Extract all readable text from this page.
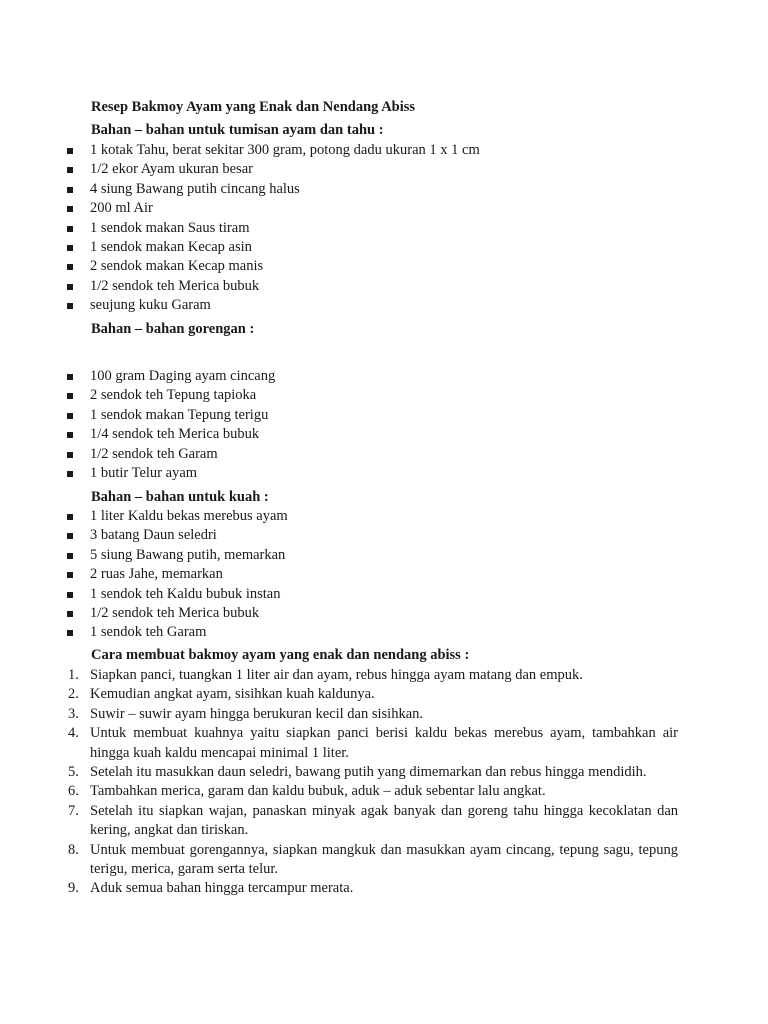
Resep Bakmoy Ayam yang Enak dan Nendang Abiss
Bahan – bahan untuk tumisan ayam dan tahu :
1 kotak Tahu, berat sekitar 300 gram, potong dadu ukuran 1 x 1 cm
1/2 ekor Ayam ukuran besar
4 siung Bawang putih cincang halus
200 ml Air
1 sendok makan Saus tiram
1 sendok makan Kecap asin
2 sendok makan Kecap manis
1/2 sendok teh Merica bubuk
seujung kuku Garam
Bahan – bahan gorengan :
100 gram Daging ayam cincang
2 sendok teh Tepung tapioka
1 sendok makan Tepung terigu
1/4 sendok teh Merica bubuk
1/2 sendok teh Garam
1 butir Telur ayam
Bahan – bahan untuk kuah :
1 liter Kaldu bekas merebus ayam
3 batang Daun seledri
5 siung Bawang putih, memarkan
2 ruas Jahe, memarkan
1 sendok teh Kaldu bubuk instan
1/2 sendok teh Merica bubuk
1 sendok teh Garam
Cara membuat bakmoy ayam yang enak dan nendang abiss :
1. Siapkan panci, tuangkan 1 liter air dan ayam, rebus hingga ayam matang dan empuk.
2. Kemudian angkat ayam, sisihkan kuah kaldunya.
3. Suwir – suwir ayam hingga berukuran kecil dan sisihkan.
4. Untuk membuat kuahnya yaitu siapkan panci berisi kaldu bekas merebus ayam, tambahkan air hingga kuah kaldu mencapai minimal 1 liter.
5. Setelah itu masukkan daun seledri, bawang putih yang dimemarkan dan rebus hingga mendidih.
6. Tambahkan merica, garam dan kaldu bubuk, aduk – aduk sebentar lalu angkat.
7. Setelah itu siapkan wajan, panaskan minyak agak banyak dan goreng tahu hingga kecoklatan dan kering, angkat dan tiriskan.
8. Untuk membuat gorengannya, siapkan mangkuk dan masukkan ayam cincang, tepung sagu, tepung terigu, merica, garam serta telur.
9. Aduk semua bahan hingga tercampur merata.
